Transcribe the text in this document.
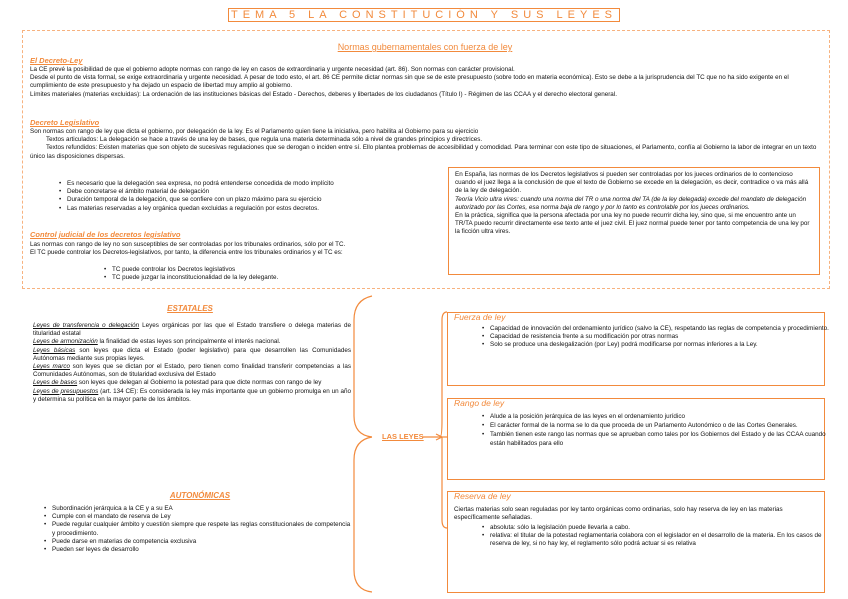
TEMA 5 LA CONSTITUCIÓN Y SUS LEYES
Normas gubernamentales con fuerza de ley
El Decreto-Ley

La CE prevé la posibilidad de que el gobierno adopte normas con rango de ley en casos de extraordinaria y urgente necesidad (art. 86). Son normas con carácter provisional.

Desde el punto de vista formal, se exige extraordinaria y urgente necesidad. A pesar de todo esto, el art. 86 CE permite dictar normas sin que se de este presupuesto (sobre todo en materia económica). Esto se debe a la jurisprudencia del TC que no ha sido exigente en el cumplimiento de este presupuesto y ha dejado un espacio de libertad muy amplio al gobierno.

Límites materiales (materias excluidas): La ordenación de las instituciones básicas del Estado - Derechos, deberes y libertades de los ciudadanos (Título I) - Régimen de las CCAA y el derecho electoral general.

Decreto Legislativo

Son normas con rango de ley que dicta el gobierno, por delegación de la ley. Es el Parlamento quien tiene la iniciativa, pero habilita al Gobierno para su ejercicio

Textos articulados: La delegación se hace a través de una ley de bases, que regula una materia determinada sólo a nivel de grandes principios y directrices.

Textos refundidos: Existen materias que son objeto de sucesivas regulaciones que se derogan o inciden entre sí. Ello plantea problemas de accesibilidad y comodidad. Para terminar con este tipo de situaciones, el Parlamento, confía al Gobierno la labor de integrar en un texto único las disposiciones dispersas.

• Es necesario que la delegación sea expresa, no podrá entenderse concedida de modo implícito
• Debe concretarse el ámbito material de delegación
• Duración temporal de la delegación, que se confiere con un plazo máximo para su ejercicio
• Las materias reservadas a ley orgánica quedan excluidas a regulación por estos decretos.
Control judicial de los decretos legislativo

Las normas con rango de ley no son susceptibles de ser controladas por los tribunales ordinarios, sólo por el TC.

El TC puede controlar los Decretos-legislativos, por tanto, la diferencia entre los tribunales ordinarios y el TC es:

• TC puede controlar los Decretos legislativos
• TC puede juzgar la inconstitucionalidad de la ley delegante.

En España, las normas de los Decretos legislativos si pueden ser controladas por los jueces ordinarios de lo contencioso cuando el juez llega a la conclusión de que el texto de Gobierno se excede en la delegación, es decir, contradice o va más allá de la ley de delegación.

Teoría Vicio ultra vires: cuando una norma del TR o una norma del TA (de la ley delegada) excede del mandato de delegación autorizado por las Cortes, esa norma baja de rango y por lo tanto es controlable por los jueces ordinarios.

En la práctica, significa que la persona afectada por una ley no puede recurrir dicha ley, sino que, si me encuentro ante un TR/TA puedo recurrir directamente ese texto ante el juez civil. El juez normal puede tener por tanto competencia de una ley por la ficción ultra vires.

ESTATALES

Leyes de transferencia o delegación Leyes orgánicas por las que el Estado transfiere o delega materias de titularidad estatal

Leyes de armonización la finalidad de estas leyes son principalmente el interés nacional.

Leyes básicas son leyes que dicta el Estado (poder legislativo) para que desarrollen las Comunidades Autónomas mediante sus propias leyes.

Leyes marco son leyes que se dictan por el Estado, pero tienen como finalidad transferir competencias a las Comunidades Autónomas, son de titularidad exclusiva del Estado

Leyes de bases son leyes que delegan al Gobierno la potestad para que dicte normas con rango de ley

Leyes de presupuestos (art. 134 CE): Es considerada la ley más importante que un gobierno promulga en un año y determina su política en la mayor parte de los ámbitos.

AUTONÓMICAS
• Subordinación jerárquica a la CE y a su EA
• Cumple con el mandato de reserva de Ley
• Puede regular cualquier ámbito y cuestión siempre que respete las reglas constitucionales de competencia y procedimiento.
• Puede darse en materias de competencia exclusiva
• Pueden ser leyes de desarrollo
LAS LEYES
Fuerza de ley
• Capacidad de innovación del ordenamiento jurídico (salvo la CE), respetando las reglas de competencia y procedimiento.
• Capacidad de resistencia frente a su modificación por otras normas
• Solo se produce una deslegalización (por Ley) podrá modificarse por normas inferiores a la Ley.
Rango de ley
• Alude a la posición jerárquica de las leyes en el ordenamiento jurídico
• El carácter formal de la norma se lo da que proceda de un Parlamento Autonómico o de las Cortes Generales.
• También tienen este rango las normas que se aprueban como tales por los Gobiernos del Estado y de las CCAA cuando están habilitados para ello
Reserva de ley

Ciertas materias solo sean reguladas por ley tanto orgánicas como ordinarias, solo hay reserva de ley en las materias específicamente señaladas.

• absoluta: sólo la legislación puede llevarla a cabo.
• relativa: el titular de la potestad reglamentaria colabora con el legislador en el desarrollo de la materia. En los casos de reserva de ley, si no hay ley, el reglamento sólo podrá actuar si es relativa
